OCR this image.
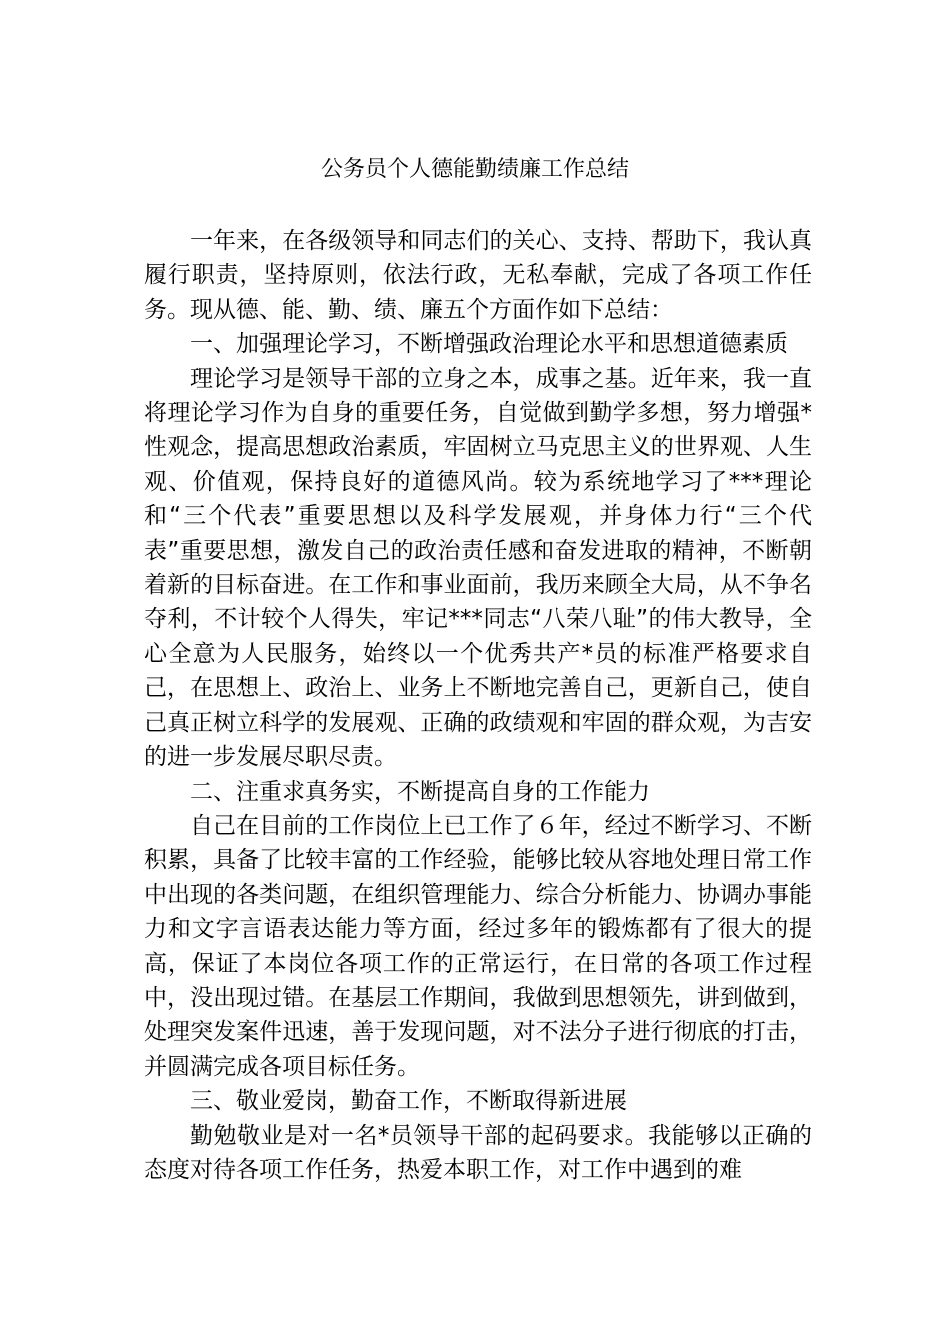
公务员个人德能勤绩廉工作总结

一年来，在各级领导和同志们的关心、支持、帮助下，我认真履行职责，坚持原则，依法行政，无私奉献，完成了各项工作任务。现从德、能、勤、绩、廉五个方面作如下总结：

一、加强理论学习，不断增强政治理论水平和思想道德素质

理论学习是领导干部的立身之本，成事之基。近年来，我一直将理论学习作为自身的重要任务，自觉做到勤学多想，努力增强*性观念，提高思想政治素质，牢固树立马克思主义的世界观、人生观、价值观，保持良好的道德风尚。较为系统地学习了***理论和“三个代表”重要思想以及科学发展观，并身体力行“三个代表”重要思想，激发自己的政治责任感和奋发进取的精神，不断朝着新的目标奋进。在工作和事业面前，我历来顾全大局，从不争名夺利，不计较个人得失，牢记***同志“八荣八耻”的伟大教导，全心全意为人民服务，始终以一个优秀共产*员的标准严格要求自己，在思想上、政治上、业务上不断地完善自己，更新自己，使自己真正树立科学的发展观、正确的政绩观和牢固的群众观，为吉安的进一步发展尽职尽责。

二、注重求真务实，不断提高自身的工作能力

自己在目前的工作岗位上已工作了６年，经过不断学习、不断积累，具备了比较丰富的工作经验，能够比较从容地处理日常工作中出现的各类问题，在组织管理能力、综合分析能力、协调办事能力和文字言语表达能力等方面，经过多年的锻炼都有了很大的提高，保证了本岗位各项工作的正常运行，在日常的各项工作过程中，没出现过错。在基层工作期间，我做到思想领先，讲到做到，处理突发案件迅速，善于发现问题，对不法分子进行彻底的打击，并圆满完成各项目标任务。

三、敬业爱岗，勤奋工作，不断取得新进展

勤勉敬业是对一名*员领导干部的起码要求。我能够以正确的态度对待各项工作任务，热爱本职工作，对工作中遇到的难
